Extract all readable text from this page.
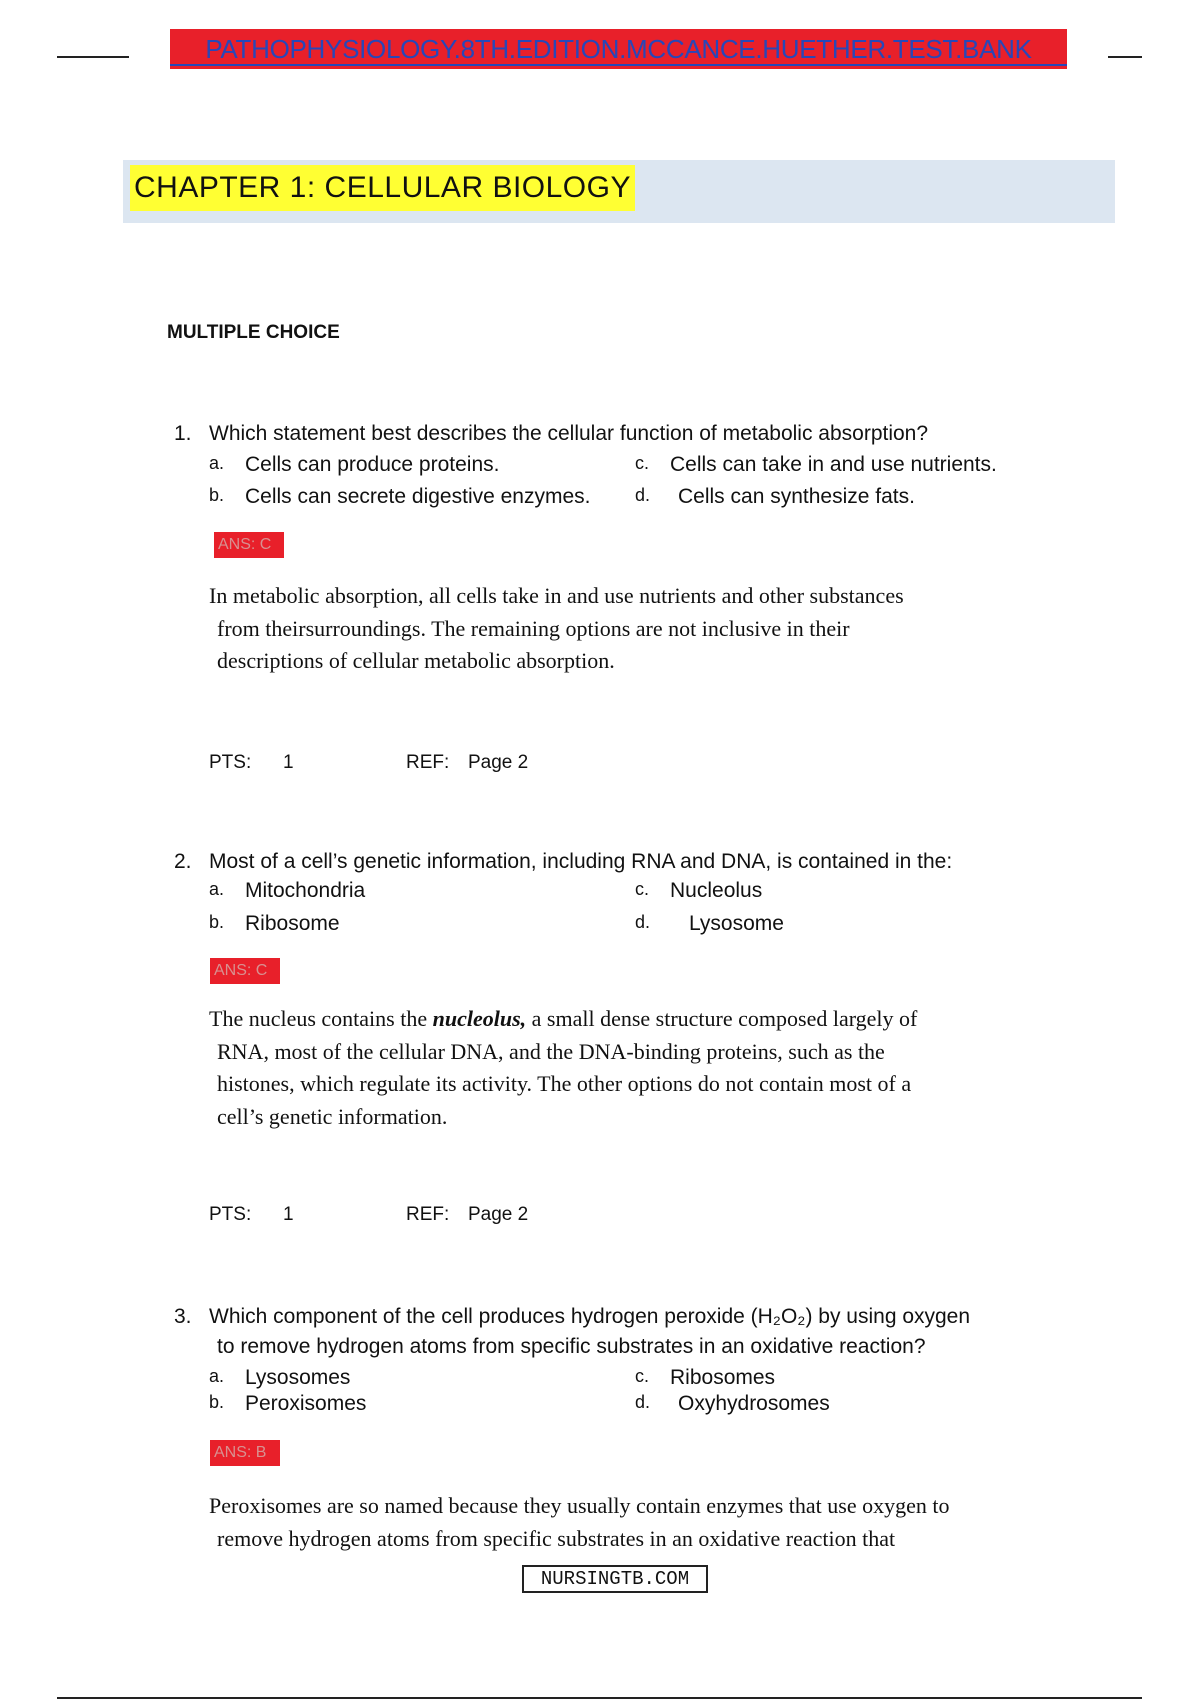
PATHOPHYSIOLOGY.8TH.EDITION.MCCANCE.HUETHER.TEST.BANK
CHAPTER 1: CELLULAR BIOLOGY
MULTIPLE CHOICE
1. Which statement best describes the cellular function of metabolic absorption?
a. Cells can produce proteins.
b. Cells can secrete digestive enzymes.
c. Cells can take in and use nutrients.
d. Cells can synthesize fats.
ANS: C
In metabolic absorption, all cells take in and use nutrients and other substances
from theirsurroundings. The remaining options are not inclusive in their
descriptions of cellular metabolic absorption.
PTS: 1	REF: Page 2
2. Most of a cell’s genetic information, including RNA and DNA, is contained in the:
a. Mitochondria
b. Ribosome
c. Nucleolus
d. Lysosome
ANS: C
The nucleus contains the nucleolus, a small dense structure composed largely of
RNA, most of the cellular DNA, and the DNA-binding proteins, such as the
histones, which regulate its activity. The other options do not contain most of a
cell’s genetic information.
PTS: 1	REF: Page 2
3. Which component of the cell produces hydrogen peroxide (H₂O₂) by using oxygen
to remove hydrogen atoms from specific substrates in an oxidative reaction?
a. Lysosomes
b. Peroxisomes
c. Ribosomes
d. Oxyhydrosomes
ANS: B
Peroxisomes are so named because they usually contain enzymes that use oxygen to
remove hydrogen atoms from specific substrates in an oxidative reaction that
NURSINGTB.COM
